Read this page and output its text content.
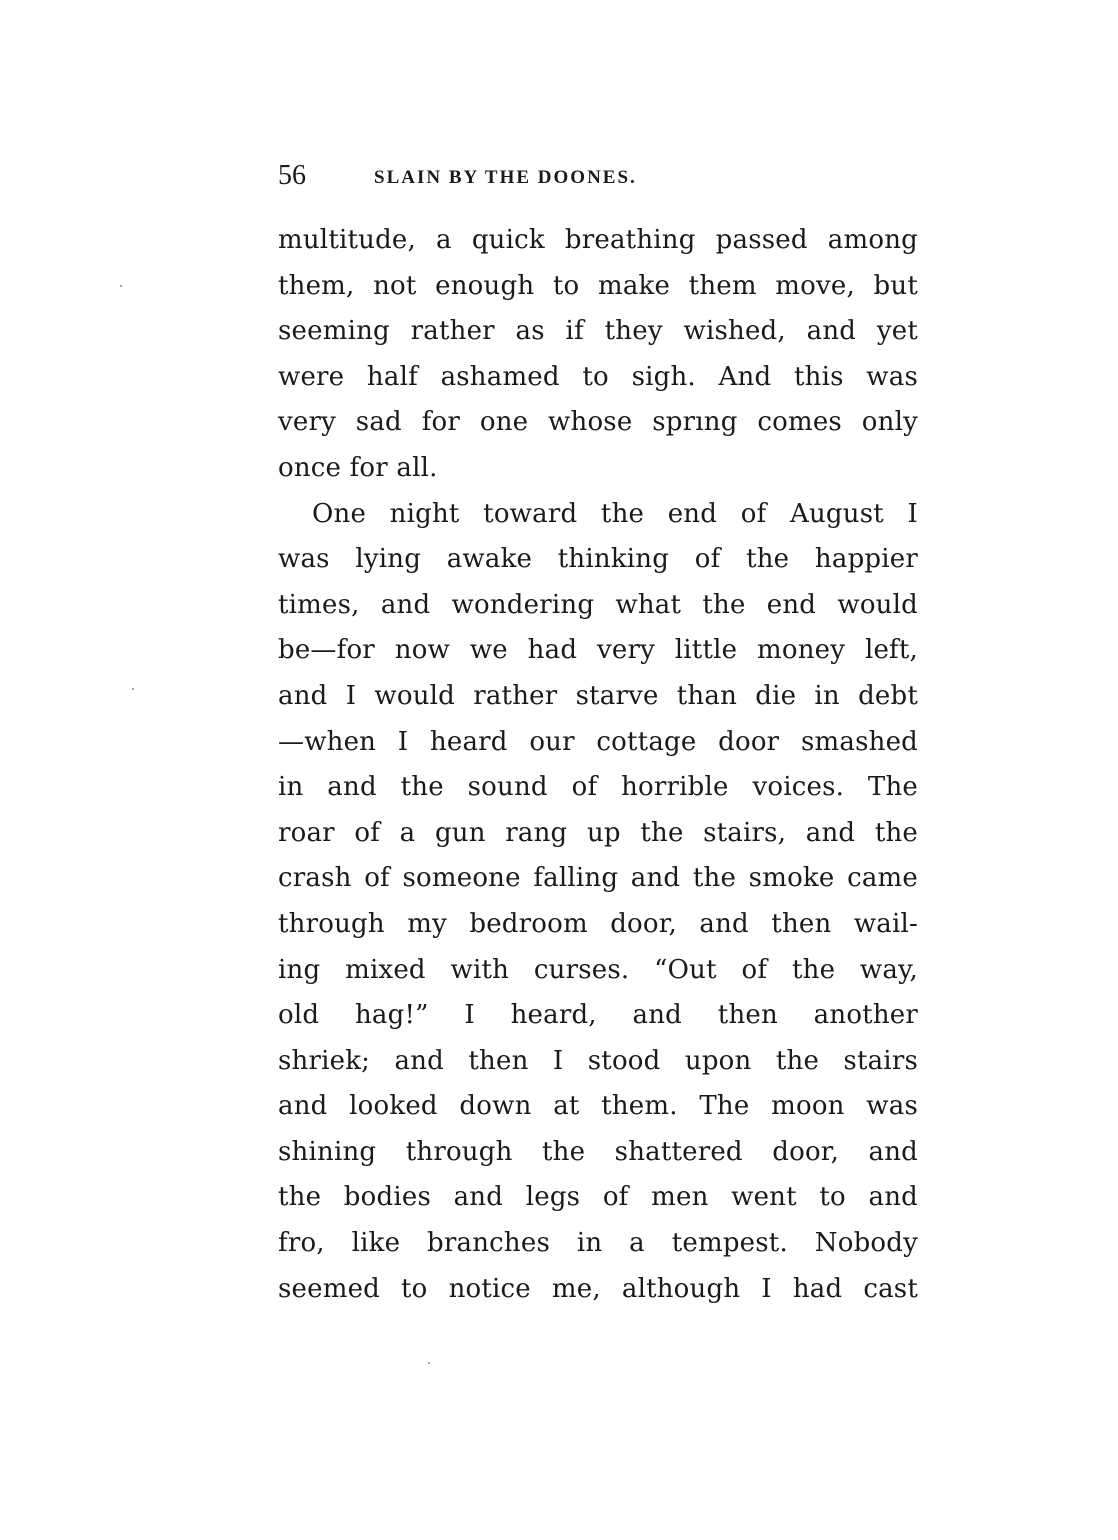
56	SLAIN BY THE DOONES.
multitude, a quick breathing passed among
them, not enough to make them move, but
seeming rather as if they wished, and yet
were half ashamed to sigh. And this was
very sad for one whose sprıng comes only
once for all.
One night toward the end of August I
was lying awake thinking of the happier
times, and wondering what the end would
be—for now we had very little money left,
and I would rather starve than die in debt
—when I heard our cottage door smashed
in and the sound of horrible voices. The
roar of a gun rang up the stairs, and the
crash of someone falling and the smoke came
through my bedroom door, and then wail-
ing mixed with curses. “Out of the way,
old hag!” I heard, and then another
shriek; and then I stood upon the stairs
and looked down at them. The moon was
shining through the shattered door, and
the bodies and legs of men went to and
fro, like branches in a tempest. Nobody
seemed to notice me, although I had cast
